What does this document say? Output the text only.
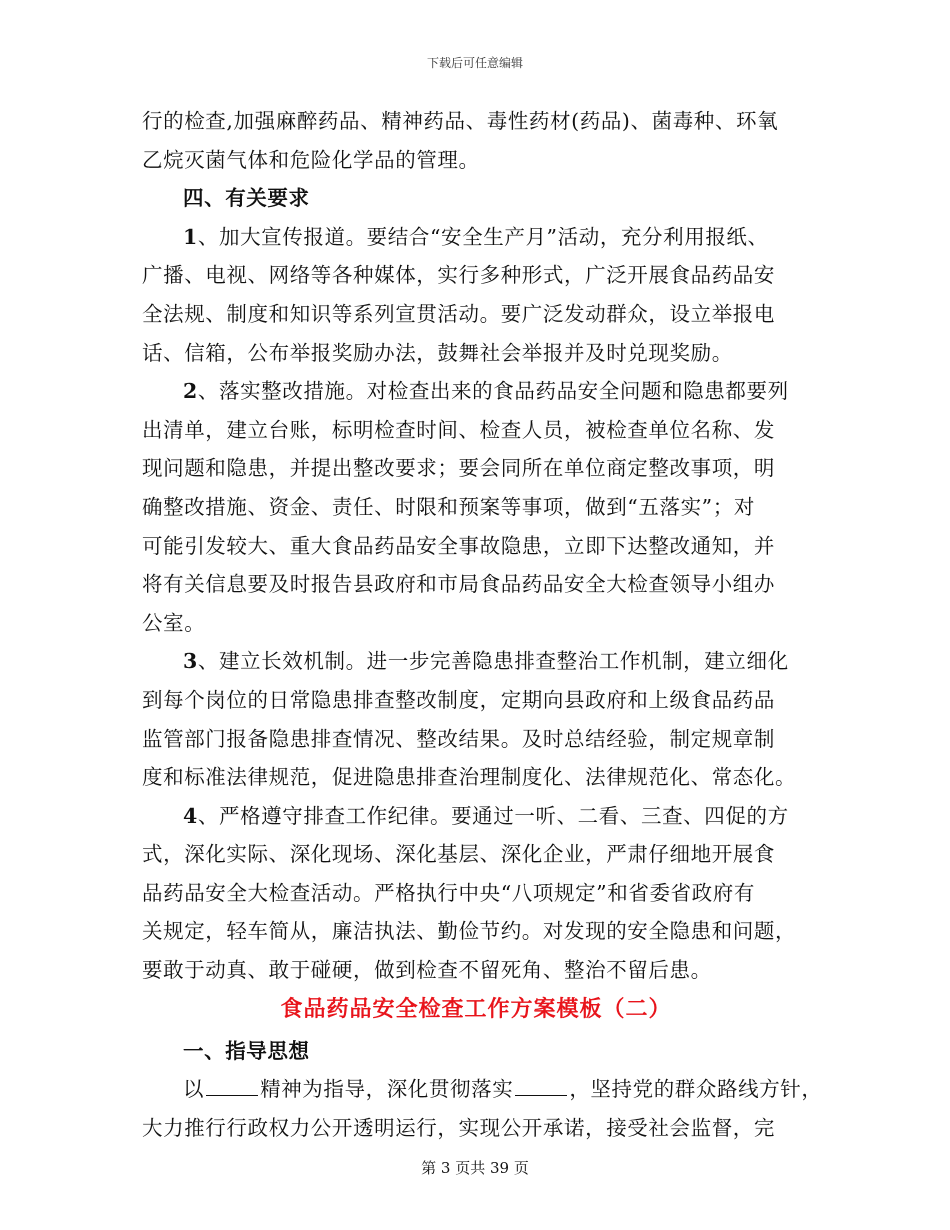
下载后可任意编辑
行的检查,加强麻醉药品、精神药品、毒性药材(药品)、菌毒种、环氧
乙烷灭菌气体和危险化学品的管理。
四、有关要求
1、加大宣传报道。要结合“安全生产月”活动，充分利用报纸、
广播、电视、网络等各种媒体，实行多种形式，广泛开展食品药品安
全法规、制度和知识等系列宣贯活动。要广泛发动群众，设立举报电
话、信箱，公布举报奖励办法，鼓舞社会举报并及时兑现奖励。
2、落实整改措施。对检查出来的食品药品安全问题和隐患都要列
出清单，建立台账，标明检查时间、检查人员，被检查单位名称、发
现问题和隐患，并提出整改要求；要会同所在单位商定整改事项，明
确整改措施、资金、责任、时限和预案等事项，做到“五落实”；对
可能引发较大、重大食品药品安全事故隐患，立即下达整改通知，并
将有关信息要及时报告县政府和市局食品药品安全大检查领导小组办
公室。
3、建立长效机制。进一步完善隐患排查整治工作机制，建立细化
到每个岗位的日常隐患排查整改制度，定期向县政府和上级食品药品
监管部门报备隐患排查情况、整改结果。及时总结经验，制定规章制
度和标准法律规范，促进隐患排查治理制度化、法律规范化、常态化。
4、严格遵守排查工作纪律。要通过一听、二看、三查、四促的方
式，深化实际、深化现场、深化基层、深化企业，严肃仔细地开展食
品药品安全大检查活动。严格执行中央“八项规定”和省委省政府有
关规定，轻车简从，廉洁执法、勤俭节约。对发现的安全隐患和问题，
要敢于动真、敢于碰硬，做到检查不留死角、整治不留后患。
食品药品安全检查工作方案模板（二）
一、指导思想
以	精神为指导，深化贯彻落实	，坚持党的群众路线方针，
大力推行行政权力公开透明运行，实现公开承诺，接受社会监督，完
第 3 页共 39 页
